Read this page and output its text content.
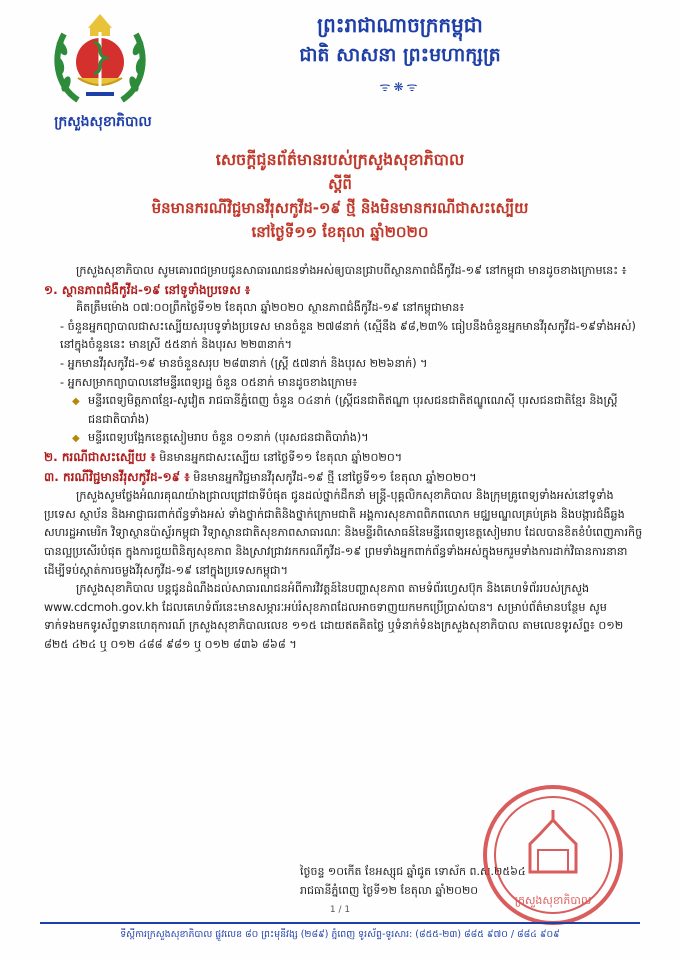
ក្រសួងសុខាភិបាល
ព្រះរាជាណាចក្រកម្ពុជា
ជាតិ សាសនា ព្រះមហាក្សត្រ
ᯤ❋ᯤ
សេចក្តីជូនព័ត៌មានរបស់ក្រសួងសុខាភិបាល
ស្តីពី
មិនមានករណីវិជ្ជមានវីរុសកូវីដ-១៩ ថ្មី និងមិនមានករណីជាសះស្បើយ
នៅថ្ងៃទី១១ ខែតុលា ឆ្នាំ២០២០

ក្រសួងសុខាភិបាល សូមគោរពជម្រាបជូនសាធារណជនទាំងអស់ឲ្យបានជ្រាបពីស្ថានភាពជំងឺកូវីដ-១៩ នៅកម្ពុជា មានដូចខាងក្រោមនេះ ៖

១. ស្ថានភាពជំងឺកូវីដ-១៩ នៅទូទាំងប្រទេស ៖

គិតត្រឹមម៉ោង ០៧:០០ព្រឹកថ្ងៃទី១២ ខែតុលា ឆ្នាំ២០២០ ស្ថានភាពជំងឺកូវីដ-១៩ នៅកម្ពុជាមាន៖

- ចំនួនអ្នកព្យាបាលជាសះស្បើយសរុបទូទាំងប្រទេស មានចំនួន ២៧៨នាក់ (ស្មើនឹង ៩៨,២៣% ធៀបនឹងចំនួនអ្នកមានវីរុសកូវីដ-១៩ទាំងអស់) នៅក្នុងចំនួននេះ មានស្រី ៥៥នាក់ និងបុរស ២២៣នាក់។

- អ្នកមានវីរុសកូវីដ-១៩ មានចំនួនសរុប ២៨៣នាក់ (ស្ត្រី ៥៧នាក់ និងបុរស ២២៦នាក់) ។

- អ្នកសម្រាកព្យាបាលនៅមន្ទីរពេទ្យរដ្ឋ ចំនួន ០៥នាក់ មានដូចខាងក្រោម៖

◆ មន្ទីរពេទ្យមិត្តភាពខ្មែរ-សូវៀត រាជធានីភ្នំពេញ ចំនួន ០៤នាក់ (ស្ត្រីជនជាតិឥណ្ឌា បុរសជនជាតិឥណ្ឌូណេស៊ី បុរសជនជាតិខ្មែរ និងស្ត្រីជនជាតិបារាំង)

◆ មន្ទីរពេទ្យបង្អែកខេត្តសៀមរាប ចំនួន ០១នាក់ (បុរសជនជាតិបារាំង)។

២. ករណីជាសះស្បើយ ៖ មិនមានអ្នកជាសះស្បើយ នៅថ្ងៃទី១១ ខែតុលា ឆ្នាំ២០២០។

៣. ករណីវិជ្ជមានវីរុសកូវីដ-១៩ ៖ មិនមានអ្នកវិជ្ជមានវីរុសកូវីដ-១៩ ថ្មី នៅថ្ងៃទី១១ ខែតុលា ឆ្នាំ២០២០។

ក្រសួងសូមថ្លែងអំណរគុណយ៉ាងជ្រាលជ្រៅជាទីបំផុត ជូនដល់ថ្នាក់ដឹកនាំ មន្ត្រី-បុគ្គលិកសុខាភិបាល និងក្រុមគ្រូពេទ្យទាំងអស់នៅទូទាំងប្រទេស ស្ថាប័ន និងអាជ្ញាធរពាក់ព័ន្ធទាំងអស់ ទាំងថ្នាក់ជាតិនិងថ្នាក់ក្រោមជាតិ អង្គការសុខភាពពិភពលោក មជ្ឈមណ្ឌលគ្រប់គ្រង និងបង្ការជំងឺឆ្លងសហរដ្ឋអាមេរិក វិទ្យាស្ថានប៉ាស្ទ័រកម្ពុជា វិទ្យាស្ថានជាតិសុខភាពសាធារណៈ និងមន្ទីរពិសោធន៍នៃមន្ទីរពេទ្យខេត្តសៀមរាប ដែលបានខិតខំបំពេញភារកិច្ចបានល្អប្រសើរបំផុត ក្នុងការជួយពិនិត្យសុខភាព និងស្រាវជ្រាវរកករណីកូវីដ-១៩ ព្រមទាំងអ្នកពាក់ព័ន្ធទាំងអស់ក្នុងមករួមទាំងការដាក់វិធានការនានា ដើម្បីទប់ស្កាត់ការចម្លងវីរុសកូវីដ-១៩ នៅក្នុងប្រទេសកម្ពុជា។

ក្រសួងសុខាភិបាល បន្តជូនដំណឹងដល់សាធារណជនអំពីការវិវត្តន៍នៃបញ្ហាសុខភាព តាមទំព័រហ្វេសប៊ុក និងគេហទំព័ររបស់ក្រសួង www.cdcmoh.gov.kh ដែលគេហទំព័រនេះមានសម្ភារៈអប់រំសុខភាពដែលអាចទាញយកមកប្រើប្រាស់បាន។ សម្រាប់ព័ត៌មានបន្ថែម សូមទាក់ទងមកទូរស័ព្ទទានហេតុការណ៍ ក្រសួងសុខាភិបាលលេខ ១១៥ ដោយឥតគិតថ្លៃ ឬទំនាក់ទំនងក្រសួងសុខាភិបាល តាមលេខទូរស័ព្ទ៖ ០១២ ៨២៥ ៤២៤ ឬ ០១២ ៤៨៨ ៩៨១ ឬ ០១២ ៨៣៦ ៨៦៨ ។

ថ្ងៃចន្ទ ១០កើត ខែអស្សុជ ឆ្នាំជូត ទោស័ក ព.ស.២៥៦៤
រាជធានីភ្នំពេញ ថ្ងៃទី១២ ខែតុលា ឆ្នាំ២០២០
ក្រសួងសុខាភិបាល
1 / 1
ទីស្តីការក្រសួងសុខាភិបាល ផ្លូវលេខ ៨០ ព្រះមុនីវង្ស (២៨៩) ភ្នំពេញ ទូរស័ព្ទ-ទូរសារ: (៨៥៥-២៣) ៨៨៥ ៩៧០ / ៨៨៤ ៩០៩
